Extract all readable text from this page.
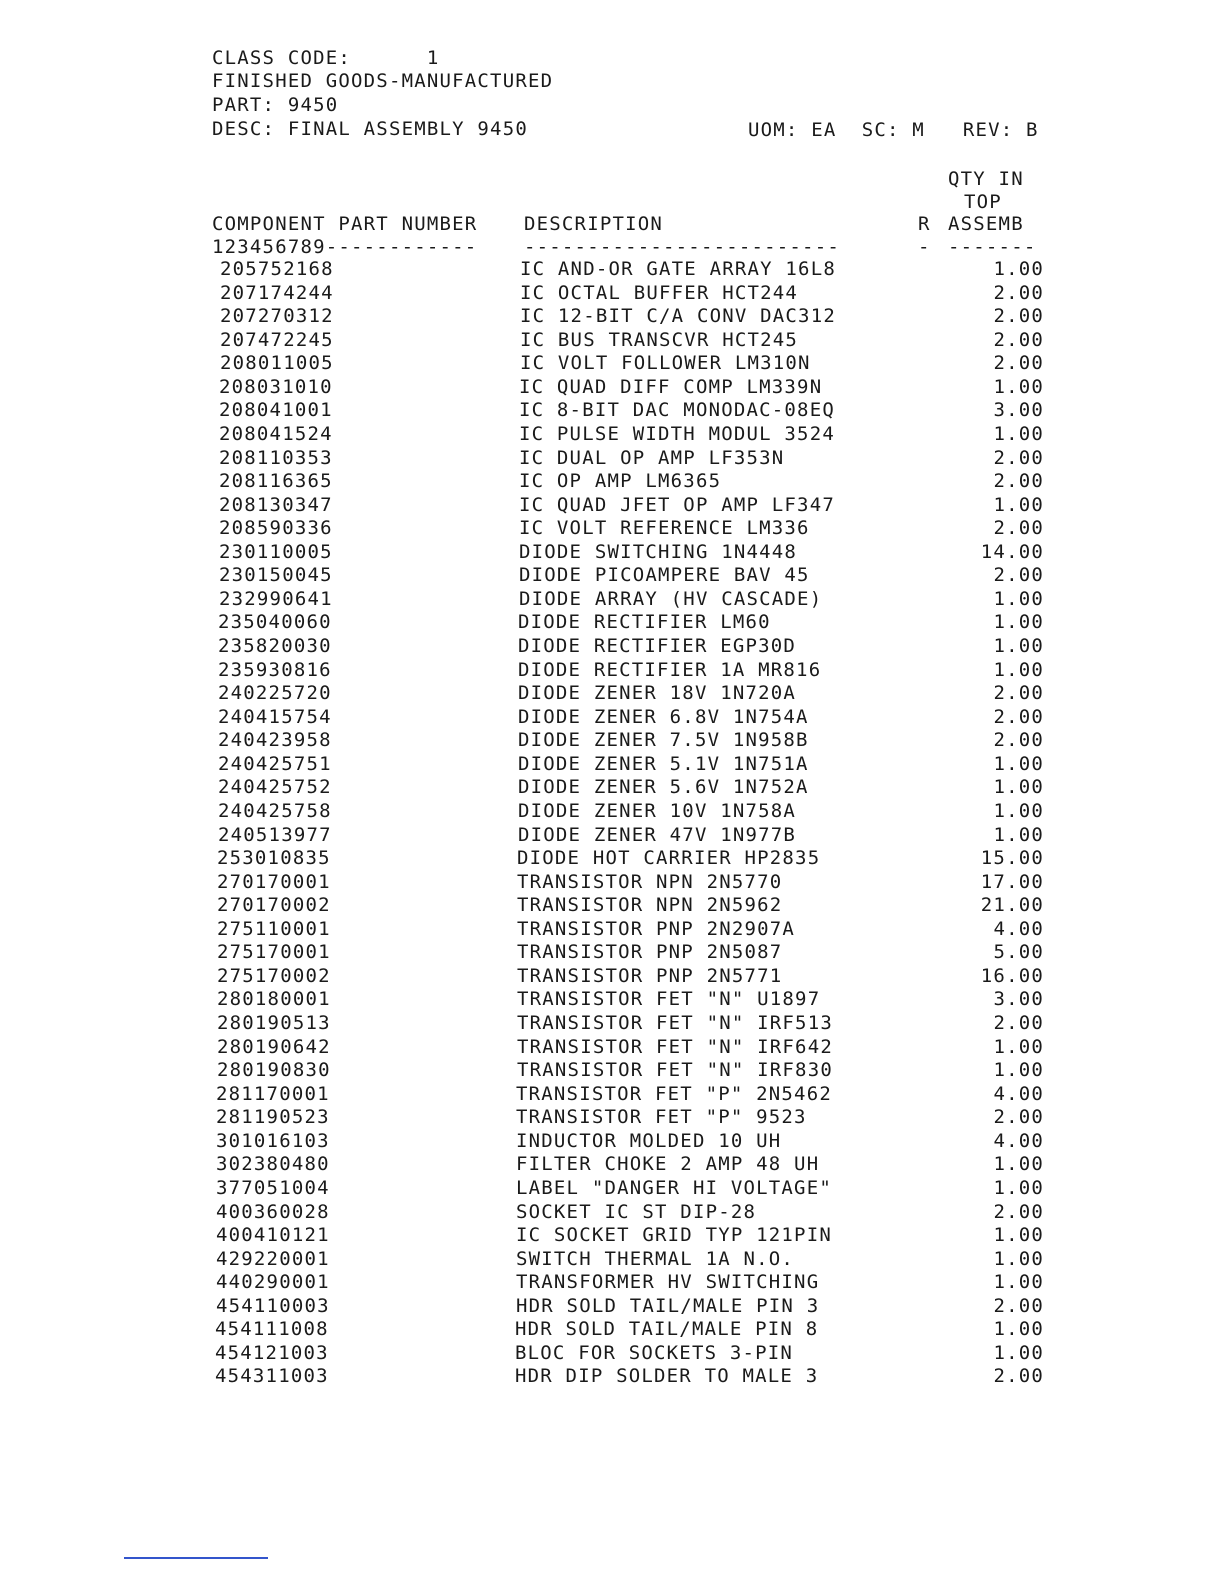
CLASS CODE:      1
FINISHED GOODS-MANUFACTURED
PART: 9450
DESC: FINAL ASSEMBLY 9450	UOM: EA  SC: M   REV: B
QTY IN
TOP
COMPONENT PART NUMBER DESCRIPTION	R ASSEMB
123456789------------ -------------------------	- -------
205752168	IC AND-OR GATE ARRAY 16L8	1.00
207174244	IC OCTAL BUFFER HCT244	2.00
207270312	IC 12-BIT C/A CONV DAC312	2.00
207472245	IC BUS TRANSCVR HCT245	2.00
208011005	IC VOLT FOLLOWER LM310N	2.00
208031010	IC QUAD DIFF COMP LM339N	1.00
208041001	IC 8-BIT DAC MONODAC-08EQ	3.00
208041524	IC PULSE WIDTH MODUL 3524	1.00
208110353	IC DUAL OP AMP LF353N	2.00
208116365	IC OP AMP LM6365	2.00
208130347	IC QUAD JFET OP AMP LF347	1.00
208590336	IC VOLT REFERENCE LM336	2.00
230110005	DIODE SWITCHING 1N4448	14.00
230150045	DIODE PICOAMPERE BAV 45	2.00
232990641	DIODE ARRAY (HV CASCADE)	1.00
235040060	DIODE RECTIFIER LM60	1.00
235820030	DIODE RECTIFIER EGP30D	1.00
235930816	DIODE RECTIFIER 1A MR816	1.00
240225720	DIODE ZENER 18V 1N720A	2.00
240415754	DIODE ZENER 6.8V 1N754A	2.00
240423958	DIODE ZENER 7.5V 1N958B	2.00
240425751	DIODE ZENER 5.1V 1N751A	1.00
240425752	DIODE ZENER 5.6V 1N752A	1.00
240425758	DIODE ZENER 10V 1N758A	1.00
240513977	DIODE ZENER 47V 1N977B	1.00
253010835	DIODE HOT CARRIER HP2835	15.00
270170001	TRANSISTOR NPN 2N5770	17.00
270170002	TRANSISTOR NPN 2N5962	21.00
275110001	TRANSISTOR PNP 2N2907A	4.00
275170001	TRANSISTOR PNP 2N5087	5.00
275170002	TRANSISTOR PNP 2N5771	16.00
280180001	TRANSISTOR FET "N" U1897	3.00
280190513	TRANSISTOR FET "N" IRF513	2.00
280190642	TRANSISTOR FET "N" IRF642	1.00
280190830	TRANSISTOR FET "N" IRF830	1.00
281170001	TRANSISTOR FET "P" 2N5462	4.00
281190523	TRANSISTOR FET "P" 9523	2.00
301016103	INDUCTOR MOLDED 10 UH	4.00
302380480	FILTER CHOKE 2 AMP 48 UH	1.00
377051004	LABEL "DANGER HI VOLTAGE"	1.00
400360028	SOCKET IC ST DIP-28	2.00
400410121	IC SOCKET GRID TYP 121PIN	1.00
429220001	SWITCH THERMAL 1A N.O.	1.00
440290001	TRANSFORMER HV SWITCHING	1.00
454110003	HDR SOLD TAIL/MALE PIN 3	2.00
454111008	HDR SOLD TAIL/MALE PIN 8	1.00
454121003	BLOC FOR SOCKETS 3-PIN	1.00
454311003	HDR DIP SOLDER TO MALE 3	2.00
